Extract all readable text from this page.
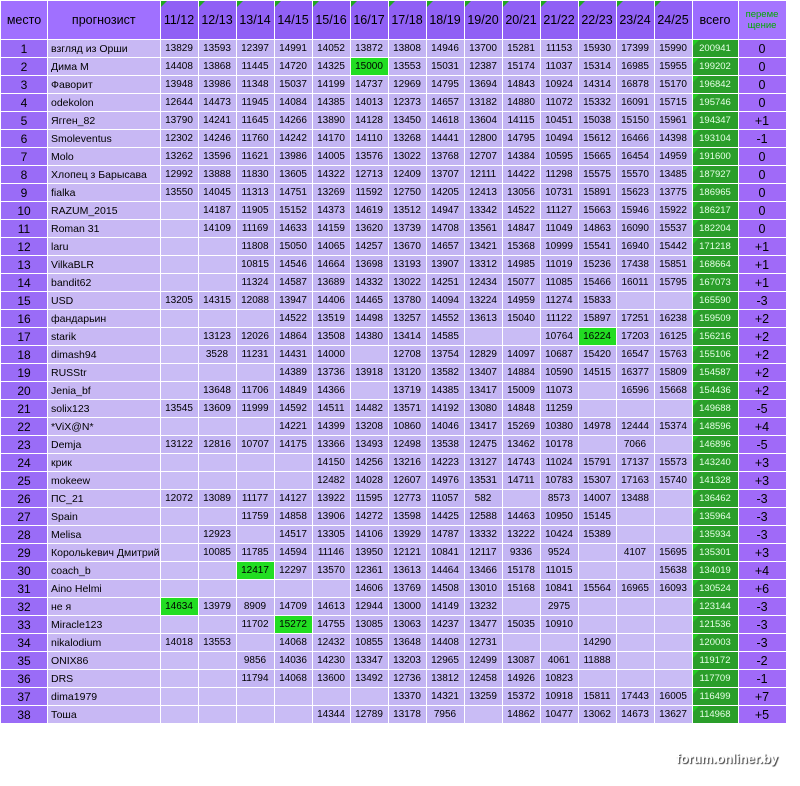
место	прогнозист	11/12	12/13	13/14	14/15	15/16	16/17	17/18	18/19	19/20	20/21	21/22	22/23	23/24	24/25	всего	переме щение
1	взгляд из Орши	13829	13593	12397	14991	14052	13872	13808	14946	13700	15281	11153	15930	17399	15990	200941	0
2	Дима М	14408	13868	11445	14720	14325	15000	13553	15031	12387	15174	11037	15314	16985	15955	199202	0
3	Фаворит	13948	13986	11348	15037	14199	14737	12969	14795	13694	14843	10924	14314	16878	15170	196842	0
4	odekolon	12644	14473	11945	14084	14385	14013	12373	14657	13182	14880	11072	15332	16091	15715	195746	0
5	Ягген_82	13790	14241	11645	14266	13890	14128	13450	14618	13604	14115	10451	15038	15150	15961	194347	+1
6	Smoleventus	12302	14246	11760	14242	14170	14110	13268	14441	12800	14795	10494	15612	16466	14398	193104	-1
7	Molo	13262	13596	11621	13986	14005	13576	13022	13768	12707	14384	10595	15665	16454	14959	191600	0
8	Хлопец з Барысава	12992	13888	11830	13605	14322	12713	12409	13707	12111	14422	11298	15575	15570	13485	187927	0
9	fialka	13550	14045	11313	14751	13269	11592	12750	14205	12413	13056	10731	15891	15623	13775	186965	0
10	RAZUM_2015		14187	11905	15152	14373	14619	13512	14947	13342	14522	11127	15663	15946	15922	186217	0
11	Roman 31		14109	11169	14633	14159	13620	13739	14708	13561	14847	11049	14863	16090	15537	182204	0
12	laru			11808	15050	14065	14257	13670	14657	13421	15368	10999	15541	16940	15442	171218	+1
13	VilkaBLR			10815	14546	14664	13698	13193	13907	13312	14985	11019	15236	17438	15851	168664	+1
14	bandit62			11324	14587	13689	14332	13022	14251	12434	15077	11085	15466	16011	15795	167073	+1
15	USD	13205	14315	12088	13947	14406	14465	13780	14094	13224	14959	11274	15833			165590	-3
16	фандарьин				14522	13519	14498	13257	14552	13613	15040	11122	15897	17251	16238	159509	+2
17	starik		13123	12026	14864	13508	14380	13414	14585			10764	16224	17203	16125	156216	+2
18	dimash94		3528	11231	14431	14000		12708	13754	12829	14097	10687	15420	16547	15763	155106	+2
19	RUSStr				14389	13736	13918	13120	13582	13407	14884	10590	14515	16377	15809	154587	+2
20	Jenia_bf		13648	11706	14849	14366		13719	14385	13417	15009	11073		16596	15668	154436	+2
21	solix123	13545	13609	11999	14592	14511	14482	13571	14192	13080	14848	11259				149688	-5
22	*ViX@N*				14221	14399	13208	10860	14046	13417	15269	10380	14978	12444	15374	148596	+4
23	Demja	13122	12816	10707	14175	13366	13493	12498	13538	12475	13462	10178		7066		146896	-5
24	крик					14150	14256	13216	14223	13127	14743	11024	15791	17137	15573	143240	+3
25	mokeew					12482	14028	12607	14976	13531	14711	10783	15307	17163	15740	141328	+3
26	ПС_21	12072	13089	11177	14127	13922	11595	12773	11057	582		8573	14007	13488		136462	-3
27	Spain			11759	14858	13906	14272	13598	14425	12588	14463	10950	15145			135964	-3
28	Melisa		12923		14517	13305	14106	13929	14787	13332	13222	10424	15389			135934	-3
29	Корольkевич Дмитрий		10085	11785	14594	11146	13950	12121	10841	12117	9336	9524		4107	15695	135301	+3
30	coach_b			12417	12297	13570	12361	13613	14464	13466	15178	11015			15638	134019	+4
31	Aino Helmi						14606	13769	14508	13010	15168	10841	15564	16965	16093	130524	+6
32	не я	14634	13979	8909	14709	14613	12944	13000	14149	13232		2975				123144	-3
33	Miracle123			11702	15272	14755	13085	13063	14237	13477	15035	10910				121536	-3
34	nikalodium	14018	13553		14068	12432	10855	13648	14408	12731			14290			120003	-3
35	ONIX86			9856	14036	14230	13347	13203	12965	12499	13087	4061	11888			119172	-2
36	DRS			11794	14068	13600	13492	12736	13812	12458	14926	10823				117709	-1
37	dima1979							13370	14321	13259	15372	10918	15811	17443	16005	116499	+7
38	Тоша					14344	12789	13178	7956		14862	10477	13062	14673	13627	114968	+5
forum.onliner.by
